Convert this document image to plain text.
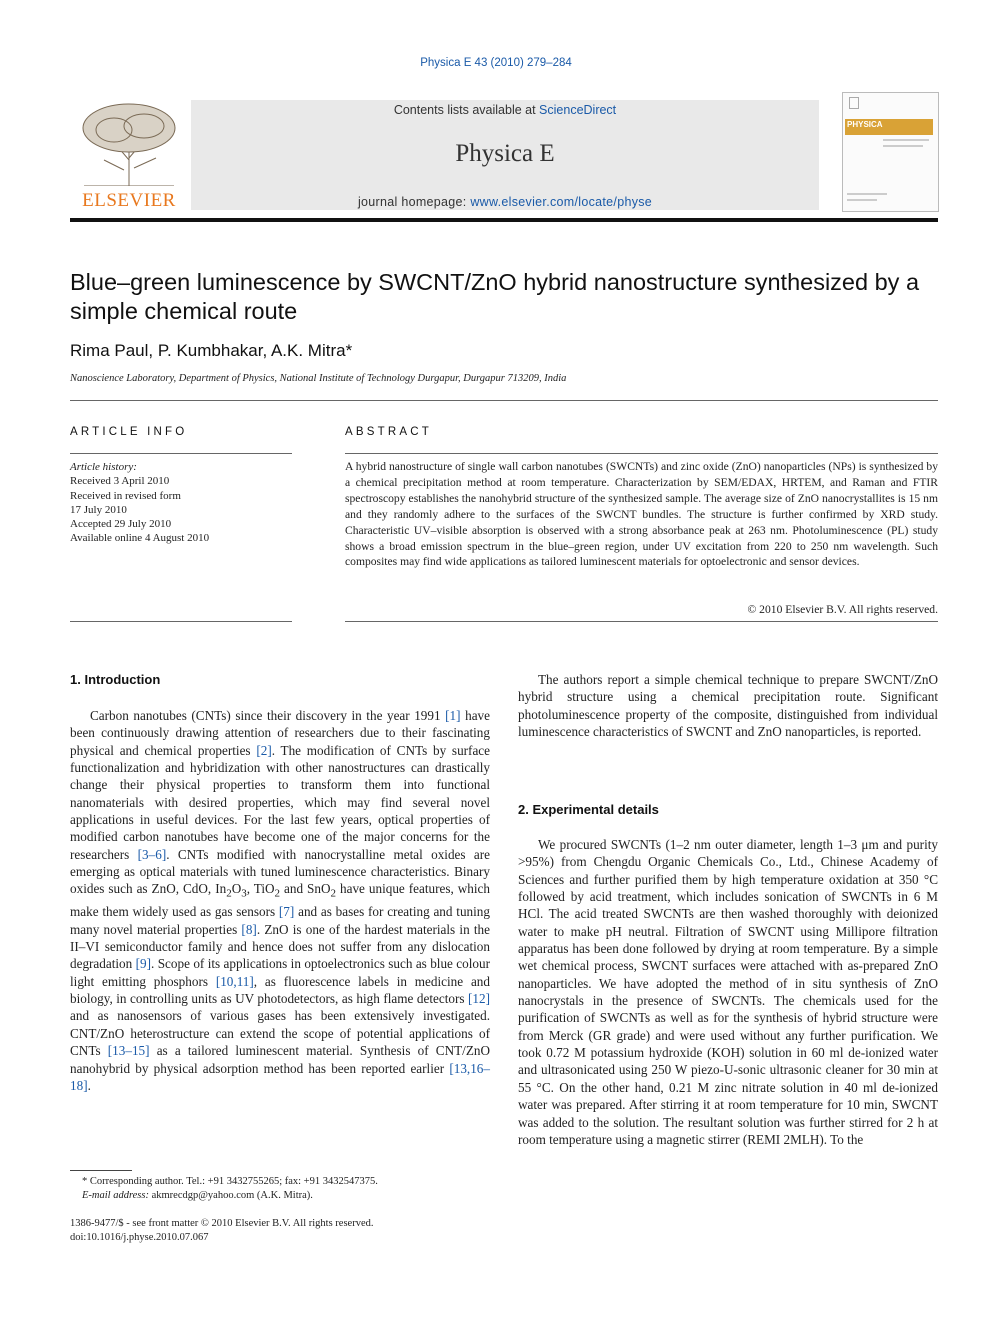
Physica E 43 (2010) 279–284
ELSEVIER
Contents lists available at ScienceDirect
Physica E
journal homepage: www.elsevier.com/locate/physe
PHYSICA
Blue–green luminescence by SWCNT/ZnO hybrid nanostructure synthesized by a simple chemical route
Rima Paul, P. Kumbhakar, A.K. Mitra*
Nanoscience Laboratory, Department of Physics, National Institute of Technology Durgapur, Durgapur 713209, India
ARTICLE INFO	ABSTRACT
Article history:
Received 3 April 2010
Received in revised form
17 July 2010
Accepted 29 July 2010
Available online 4 August 2010
A hybrid nanostructure of single wall carbon nanotubes (SWCNTs) and zinc oxide (ZnO) nanoparticles (NPs) is synthesized by a chemical precipitation method at room temperature. Characterization by SEM/EDAX, HRTEM, and Raman and FTIR spectroscopy establishes the nanohybrid structure of the synthesized sample. The average size of ZnO nanocrystallites is 15 nm and they randomly adhere to the surfaces of the SWCNT bundles. The structure is further confirmed by XRD study. Characteristic UV–visible absorption is observed with a strong absorbance peak at 263 nm. Photoluminescence (PL) study shows a broad emission spectrum in the blue–green region, under UV excitation from 220 to 250 nm wavelength. Such composites may find wide applications as tailored luminescent materials for optoelectronic and sensor devices.
© 2010 Elsevier B.V. All rights reserved.
1. Introduction

Carbon nanotubes (CNTs) since their discovery in the year 1991 [1] have been continuously drawing attention of researchers due to their fascinating physical and chemical properties [2]. The modification of CNTs by surface functionalization and hybridization with other nanostructures can drastically change their physical properties to transform them into functional nanomaterials with desired properties, which may find several novel applications in useful devices. For the last few years, optical properties of modified carbon nanotubes have become one of the major concerns for the researchers [3–6]. CNTs modified with nanocrystalline metal oxides are emerging as optical materials with tuned luminescence characteristics. Binary oxides such as ZnO, CdO, $In_2O_3$, TiO$_2$ and SnO$_2$ have unique features, which make them widely used as gas sensors [7] and as bases for creating and tuning many novel material properties [8]. ZnO is one of the hardest materials in the II–VI semiconductor family and hence does not suffer from any dislocation degradation [9]. Scope of its applications in optoelectronics such as blue colour light emitting phosphors [10,11], as fluorescence labels in medicine and biology, in controlling units as UV photodetectors, as high flame detectors [12] and as nanosensors of various gases has been extensively investigated. CNT/ZnO heterostructure can extend the scope of potential applications of CNTs [13–15] as a tailored luminescent material. Synthesis of CNT/ZnO nanohybrid by physical adsorption method has been reported earlier [13,16–18].

The authors report a simple chemical technique to prepare SWCNT/ZnO hybrid structure using a chemical precipitation route. Significant photoluminescence property of the composite, distinguished from individual luminescence characteristics of SWCNT and ZnO nanoparticles, is reported.

2. Experimental details

We procured SWCNTs (1–2 nm outer diameter, length 1–3 μm and purity >95%) from Chengdu Organic Chemicals Co., Ltd., Chinese Academy of Sciences and further purified them by high temperature oxidation at 350 °C followed by acid treatment, which includes sonication of SWCNTs in 6 M HCl. The acid treated SWCNTs are then washed thoroughly with deionized water to make pH neutral. Filtration of SWCNT using Millipore filtration apparatus has been done followed by drying at room temperature. By a simple wet chemical process, SWCNT surfaces were attached with as-prepared ZnO nanoparticles. We have adopted the method of in situ synthesis of ZnO nanocrystals in the presence of SWCNTs. The chemicals used for the purification of SWCNTs as well as for the synthesis of hybrid structure were from Merck (GR grade) and were used without any further purification. We took 0.72 M potassium hydroxide (KOH) solution in 60 ml de-ionized water and ultrasonicated using 250 W piezo-U-sonic ultrasonic cleaner for 30 min at 55 °C. On the other hand, 0.21 M zinc nitrate solution in 40 ml de-ionized water was prepared. After stirring it at room temperature for 10 min, SWCNT was added to the solution. The resultant solution was further stirred for 2 h at room temperature using a magnetic stirrer (REMI 2MLH). To the

* Corresponding author. Tel.: +91 3432755265; fax: +91 3432547375.
E-mail address: akmrecdgp@yahoo.com (A.K. Mitra).
1386-9477/$ - see front matter © 2010 Elsevier B.V. All rights reserved.
doi:10.1016/j.physe.2010.07.067
